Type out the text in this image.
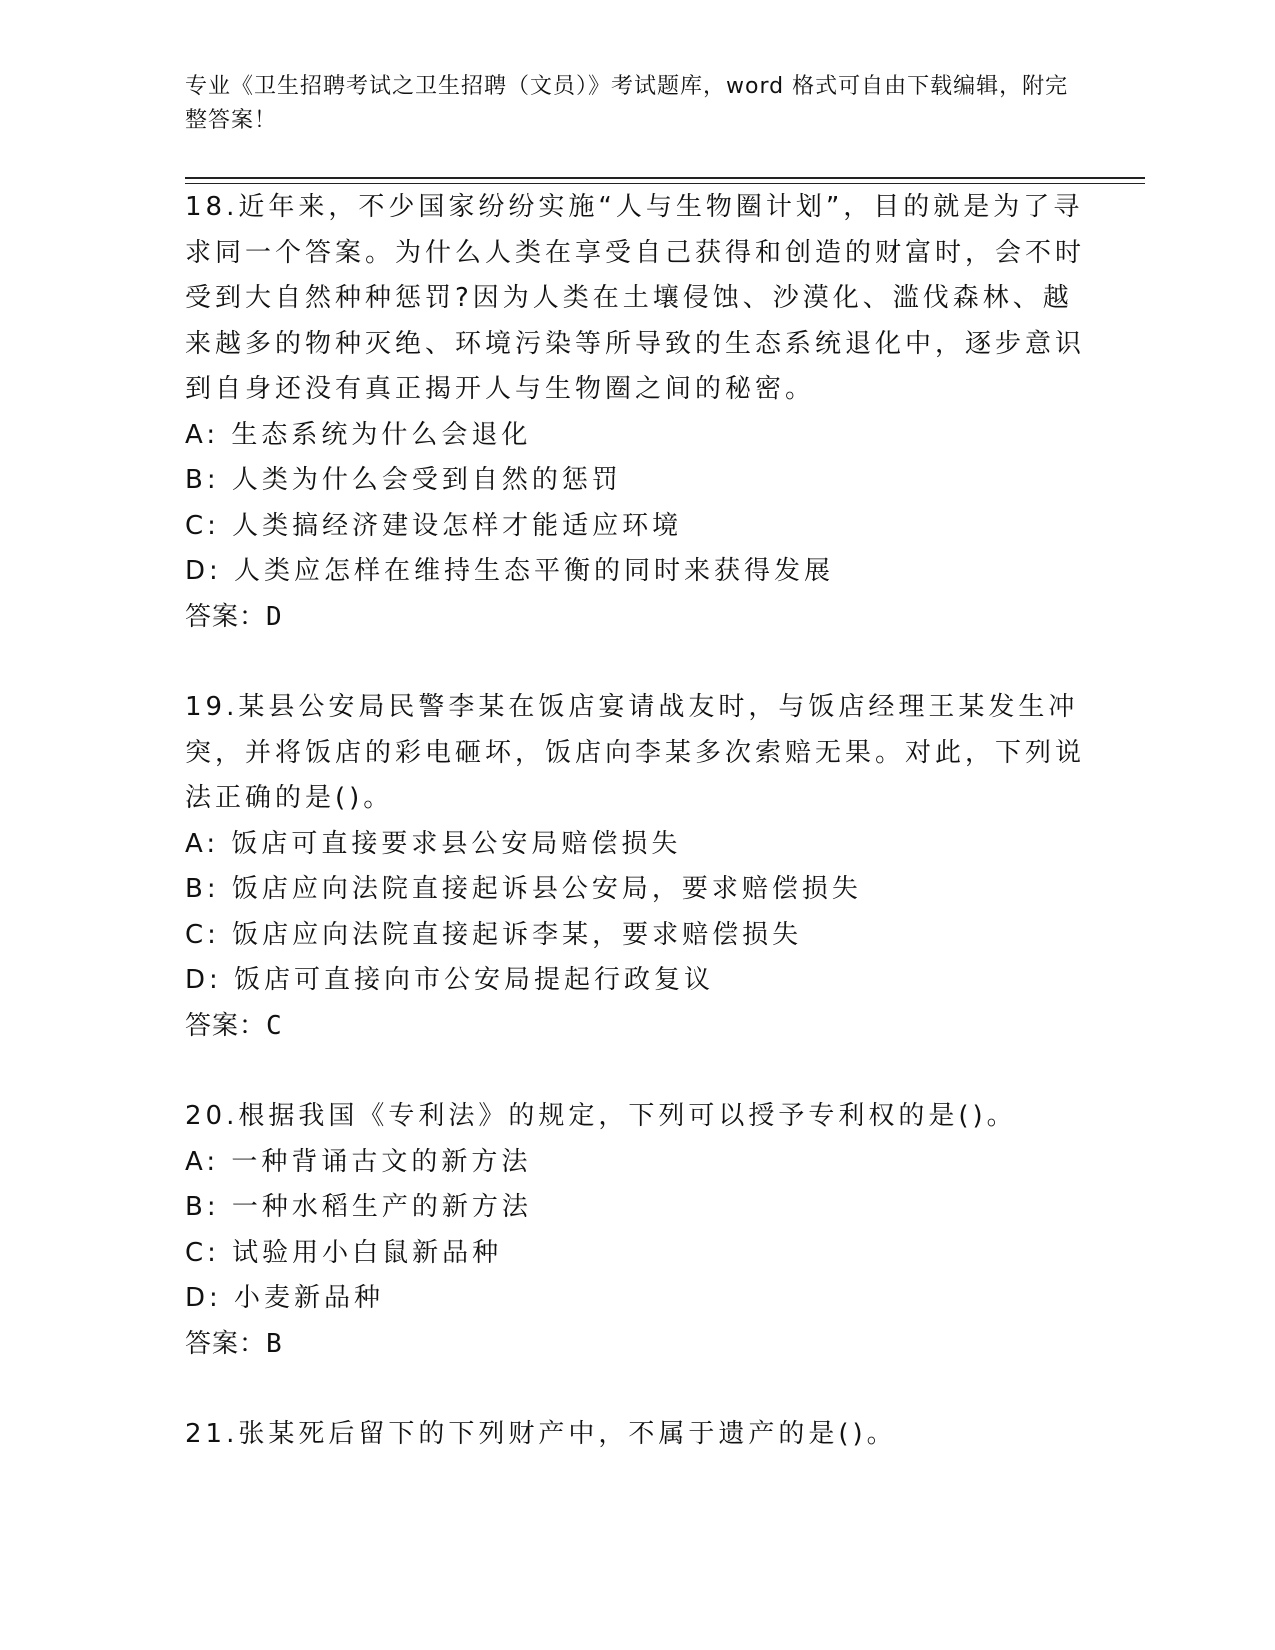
专业《卫生招聘考试之卫生招聘（文员）》考试题库，word 格式可自由下载编辑，附完整答案！
18.近年来，不少国家纷纷实施“人与生物圈计划”，目的就是为了寻求同一个答案。为什么人类在享受自己获得和创造的财富时，会不时受到大自然种种惩罚?因为人类在土壤侵蚀、沙漠化、滥伐森林、越来越多的物种灭绝、环境污染等所导致的生态系统退化中，逐步意识到自身还没有真正揭开人与生物圈之间的秘密。
A: 生态系统为什么会退化
B: 人类为什么会受到自然的惩罚
C: 人类搞经济建设怎样才能适应环境
D: 人类应怎样在维持生态平衡的同时来获得发展
答案：D
19.某县公安局民警李某在饭店宴请战友时，与饭店经理王某发生冲突，并将饭店的彩电砸坏，饭店向李某多次索赔无果。对此，下列说法正确的是()。
A: 饭店可直接要求县公安局赔偿损失
B: 饭店应向法院直接起诉县公安局，要求赔偿损失
C: 饭店应向法院直接起诉李某，要求赔偿损失
D: 饭店可直接向市公安局提起行政复议
答案：C
20.根据我国《专利法》的规定，下列可以授予专利权的是()。
A: 一种背诵古文的新方法
B: 一种水稻生产的新方法
C: 试验用小白鼠新品种
D: 小麦新品种
答案：B
21.张某死后留下的下列财产中，不属于遗产的是()。
